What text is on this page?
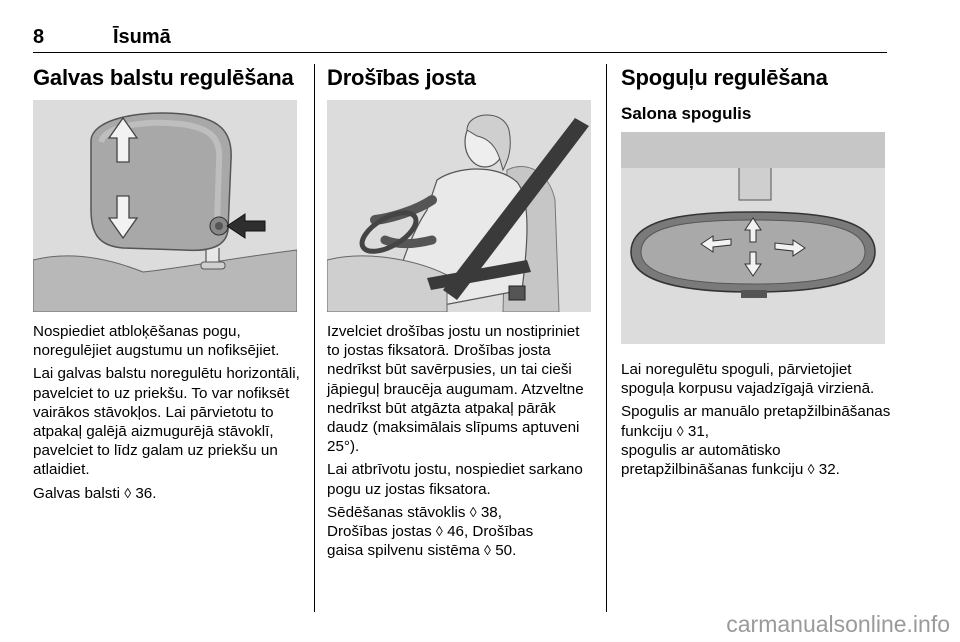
8	Īsumā
Galvas balstu regulēšana

Nospiediet atbloķēšanas pogu, noregulējiet augstumu un nofiksējiet.

Lai galvas balstu noregulētu horizontāli, pavelciet to uz priekšu. To var nofiksēt vairākos stāvokļos. Lai pārvietotu to atpakaļ galējā aizmugurējā stāvoklī, pavelciet to līdz galam uz priekšu un atlaidiet.

Galvas balsti ◊ 36.

Drošības josta

Izvelciet drošības jostu un nostipriniet to jostas fiksatorā. Drošības josta nedrīkst būt savērpusies, un tai cieši jāpieguļ braucēja augumam. Atzveltne nedrīkst būt atgāzta atpakaļ pārāk daudz (maksimālais slīpums aptuveni 25°).

Lai atbrīvotu jostu, nospiediet sarkano pogu uz jostas fiksatora.

Sēdēšanas stāvoklis ◊ 38,
Drošības jostas ◊ 46, Drošības
gaisa spilvenu sistēma ◊ 50.

Spoguļu regulēšana
Salona spogulis

Lai noregulētu spoguli, pārvietojiet spoguļa korpusu vajadzīgajā virzienā.

Spogulis ar manuālo pretapžilbināšanas funkciju ◊ 31,
spogulis ar automātisko pretapžilbināšanas funkciju ◊ 32.

carmanualsonline.info
